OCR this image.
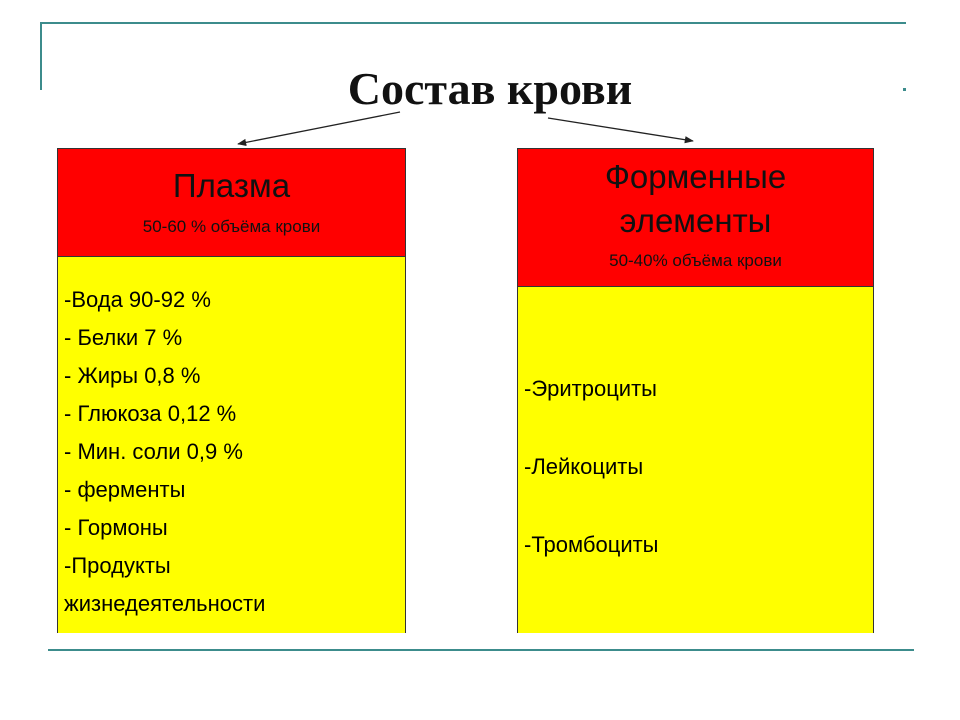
Состав крови
Плазма
50-60 % объёма крови
-Вода 90-92 %
- Белки 7 %
- Жиры 0,8 %
- Глюкоза 0,12 %
- Мин. соли 0,9 %
- ферменты
- Гормоны
-Продукты
жизнедеятельности
Форменные
элементы
50-40% объёма крови
-Эритроциты
-Лейкоциты
-Тромбоциты
